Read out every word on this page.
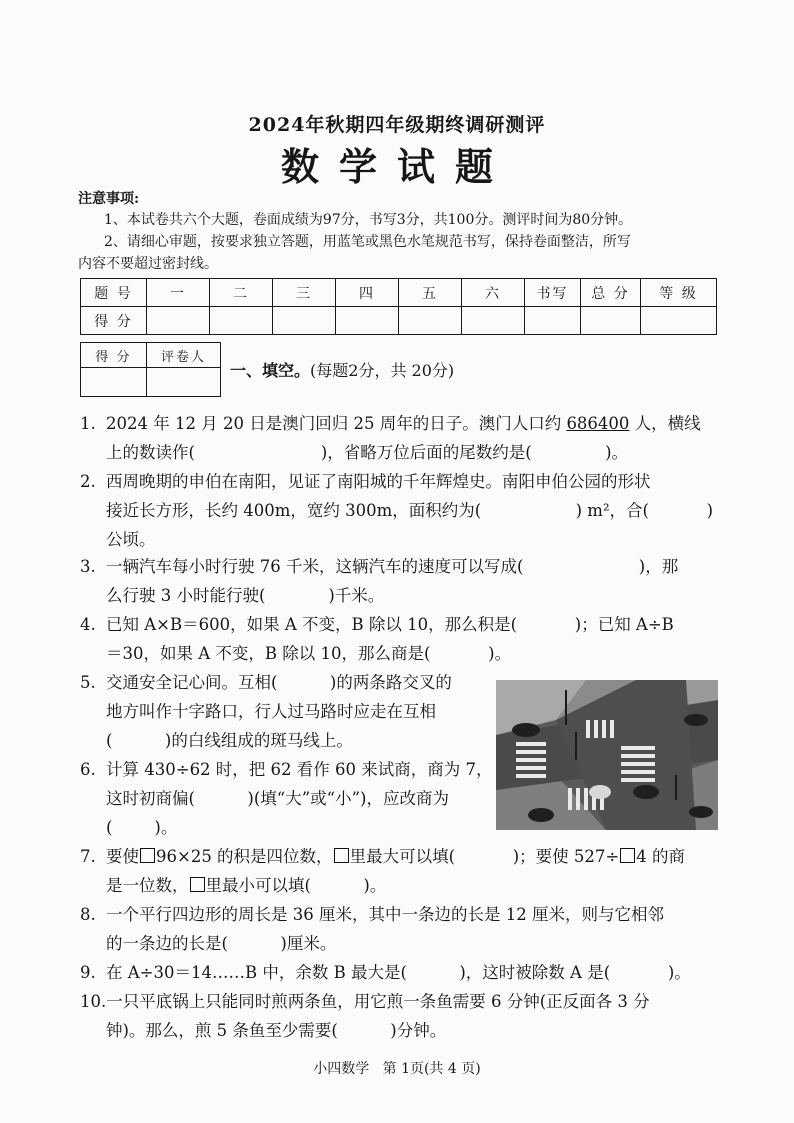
2024年秋期四年级期终调研测评
数学试题
注意事项:
1、本试卷共六个大题，卷面成绩为97分，书写3分，共100分。测评时间为80分钟。
2、请细心审题，按要求独立答题，用蓝笔或黑色水笔规范书写，保持卷面整洁，所写
内容不要超过密封线。
题 号	一	二	三	四	五	六	书写	总 分	等 级
得 分									
得 分	评卷人

一、填空。(每题2分，共 20分)
1. 2024 年 12 月 20 日是澳门回归 25 周年的日子。澳门人口约 686400 人，横线
上的数读作(                        )，省略万位后面的尾数约是(              )。
2. 西周晚期的申伯在南阳，见证了南阳城的千年辉煌史。南阳申伯公园的形状
接近长方形，长约 400m，宽约 300m，面积约为(                  ) m²，合(           )
公顷。
3. 一辆汽车每小时行驶 76 千米，这辆汽车的速度可以写成(                      )，那
么行驶 3 小时能行驶(            )千米。
4. 已知 A×B＝600，如果 A 不变，B 除以 10，那么积是(           )；已知 A÷B
＝30，如果 A 不变，B 除以 10，那么商是(           )。
5. 交通安全记心间。互相(          )的两条路交叉的
地方叫作十字路口，行人过马路时应走在互相
(          )的白线组成的斑马线上。
6. 计算 430÷62 时，把 62 看作 60 来试商，商为 7，
这时初商偏(          )(填“大”或“小”)，应改商为
(        )。
7. 要使 96×25 的积是四位数， 里最大可以填(           )；要使 527÷ 4 的商
是一位数， 里最小可以填(          )。
8. 一个平行四边形的周长是 36 厘米，其中一条边的长是 12 厘米，则与它相邻
的一条边的长是(          )厘米。
9. 在 A÷30＝14……B 中，余数 B 最大是(          )，这时被除数 A 是(           )。
10.一只平底锅上只能同时煎两条鱼，用它煎一条鱼需要 6 分钟(正反面各 3 分
钟)。那么，煎 5 条鱼至少需要(          )分钟。
小四数学   第 1页(共 4 页)
